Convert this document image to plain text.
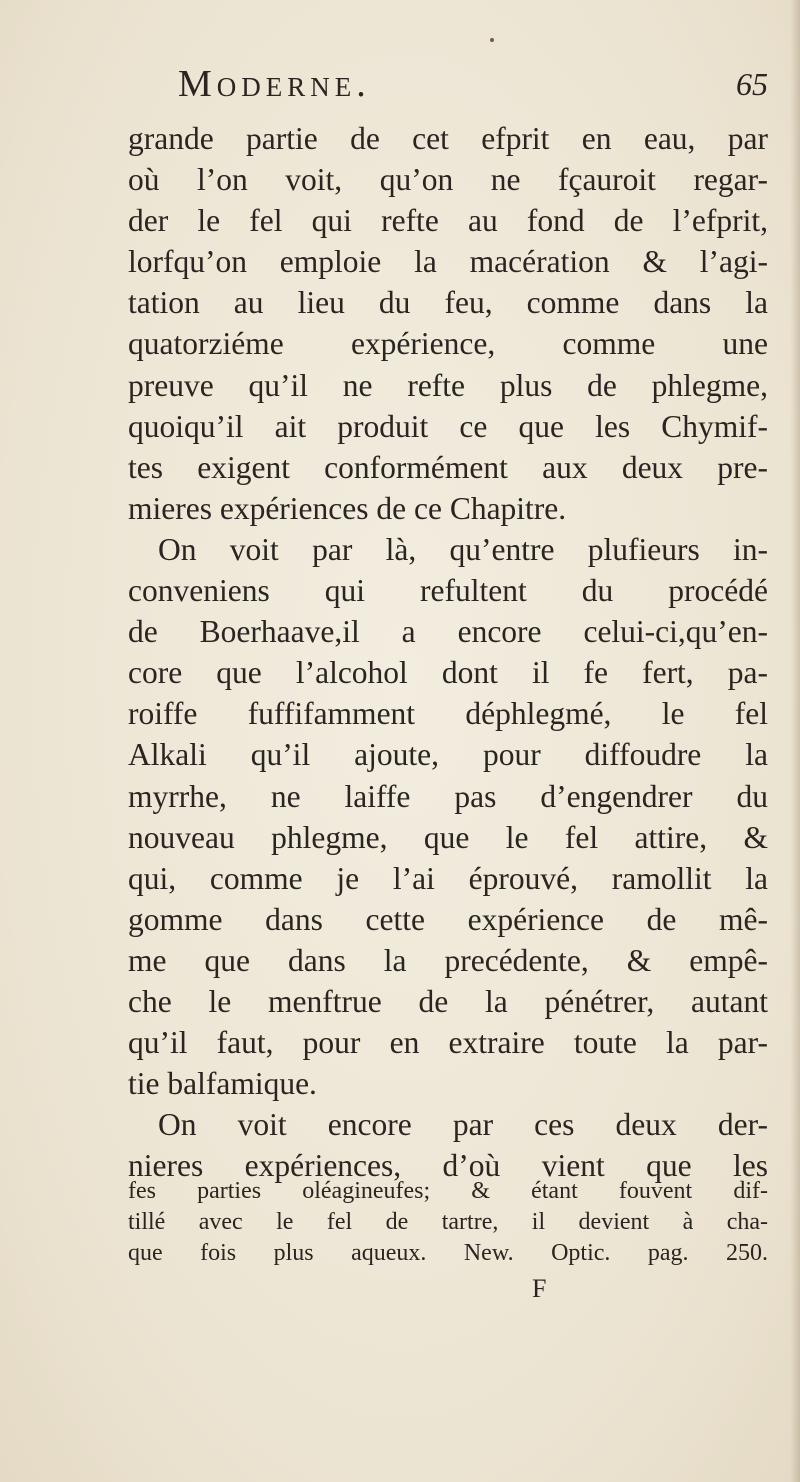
Moderne.	65
grande partie de cet efprit en eau, par
où l’on voit, qu’on ne fçauroit regar-
der le fel qui refte au fond de l’efprit,
lorfqu’on emploie la macération & l’agi-
tation au lieu du feu, comme dans la
quatorziéme expérience, comme une
preuve qu’il ne refte plus de phlegme,
quoiqu’il ait produit ce que les Chymif-
tes exigent conformément aux deux pre-
mieres expériences de ce Chapitre.
On voit par là, qu’entre plufieurs in-
conveniens qui refultent du procédé
de Boerhaave,il a encore celui-ci,qu’en-
core que l’alcohol dont il fe fert, pa-
roiffe fuffifamment déphlegmé, le fel
Alkali qu’il ajoute, pour diffoudre la
myrrhe, ne laiffe pas d’engendrer du
nouveau phlegme, que le fel attire, &
qui, comme je l’ai éprouvé, ramollit la
gomme dans cette expérience de mê-
me que dans la precédente, & empê-
che le menftrue de la pénétrer, autant
qu’il faut, pour en extraire toute la par-
tie balfamique.
On voit encore par ces deux der-
nieres expériences, d’où vient que les
fes parties oléagineufes; & étant fouvent dif-
tillé avec le fel de tartre, il devient à cha-
que fois plus aqueux. New. Optic. pag. 250.
F
